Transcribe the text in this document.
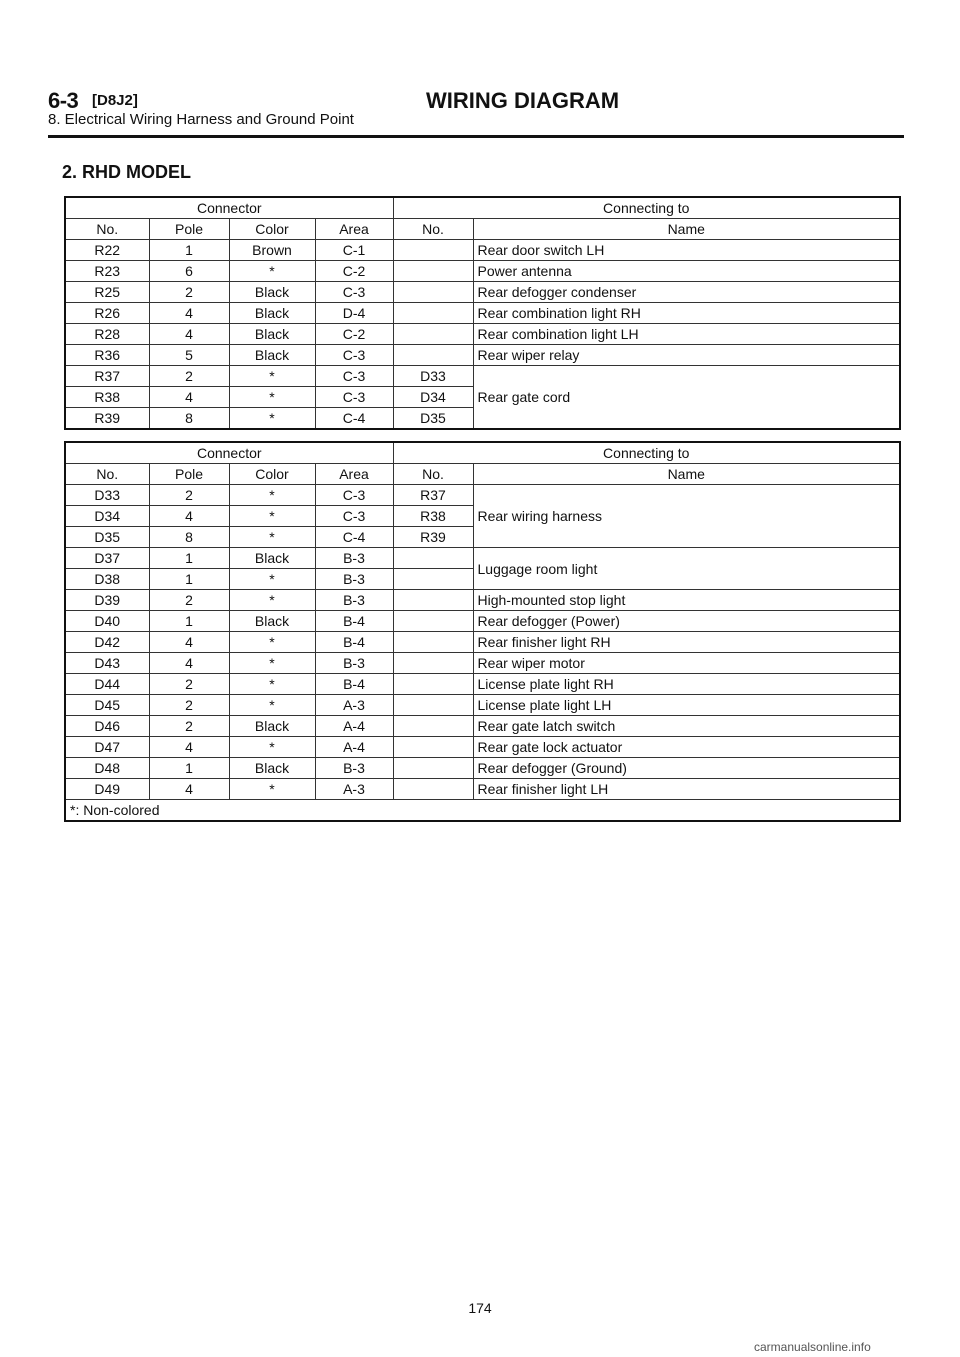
6-3 [D8J2]	WIRING DIAGRAM
8. Electrical Wiring Harness and Ground Point
2. RHD MODEL
Connector				Connecting to	
No.	Pole	Color	Area	No.	Name
R22	1	Brown	C-1		Rear door switch LH
R23	6	*	C-2		Power antenna
R25	2	Black	C-3		Rear defogger condenser
R26	4	Black	D-4		Rear combination light RH
R28	4	Black	C-2		Rear combination light LH
R36	5	Black	C-3		Rear wiper relay
R37	2	*	C-3	D33	Rear gate cord
R38	4	*	C-3	D34	
R39	8	*	C-4	D35	
Connector				Connecting to	
No.	Pole	Color	Area	No.	Name
D33	2	*	C-3	R37	Rear wiring harness
D34	4	*	C-3	R38	
D35	8	*	C-4	R39	
D37	1	Black	B-3		Luggage room light
D38	1	*	B-3		
D39	2	*	B-3		High-mounted stop light
D40	1	Black	B-4		Rear defogger (Power)
D42	4	*	B-4		Rear finisher light RH
D43	4	*	B-3		Rear wiper motor
D44	2	*	B-4		License plate light RH
D45	2	*	A-3		License plate light LH
D46	2	Black	A-4		Rear gate latch switch
D47	4	*	A-4		Rear gate lock actuator
D48	1	Black	B-3		Rear defogger (Ground)
D49	4	*	A-3		Rear finisher light LH
*: Non-colored					
174
carmanualsonline.info
